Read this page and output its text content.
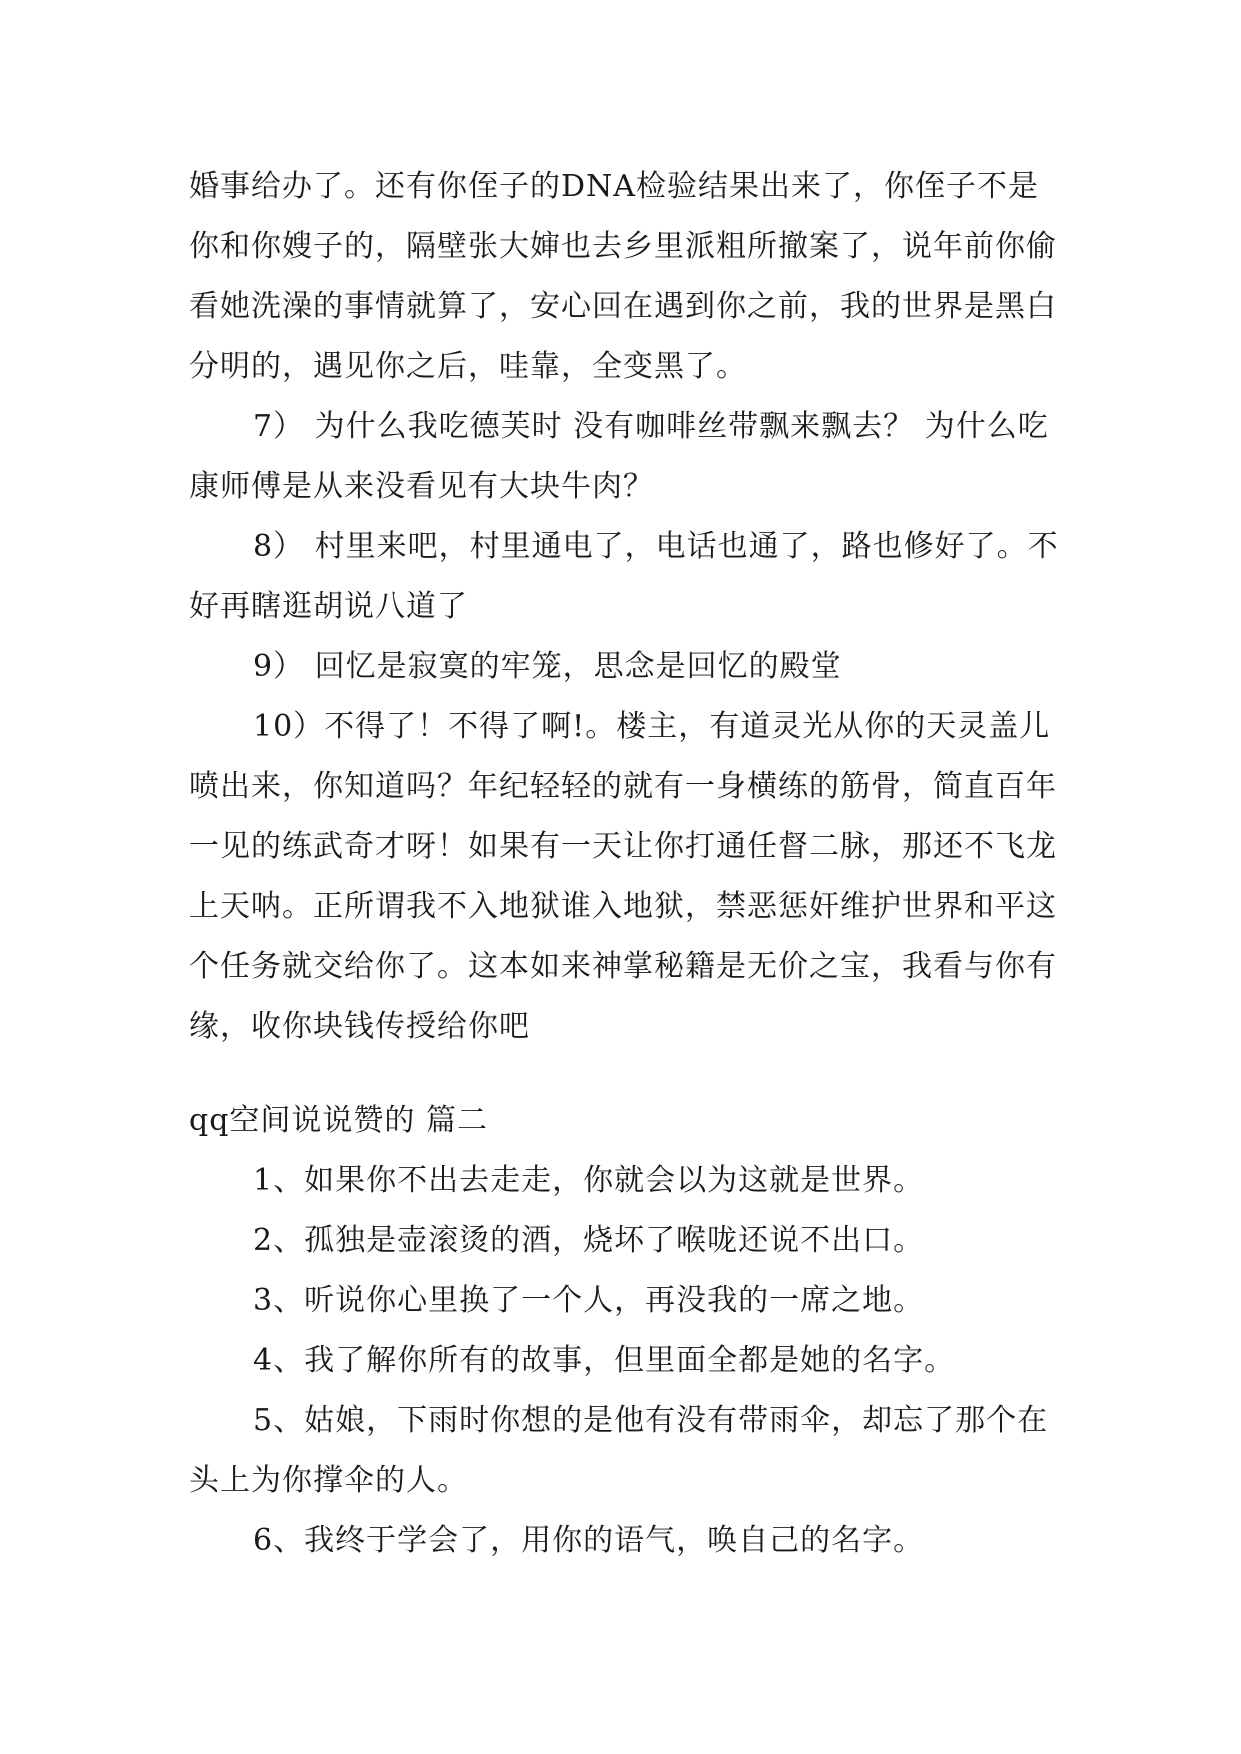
婚事给办了。还有你侄子的DNA检验结果出来了，你侄子不是你和你嫂子的，隔壁张大婶也去乡里派粗所撤案了，说年前你偷看她洗澡的事情就算了，安心回在遇到你之前，我的世界是黑白分明的，遇见你之后，哇靠，全变黑了。

7） 为什么我吃德芙时 没有咖啡丝带飘来飘去？ 为什么吃康师傅是从来没看见有大块牛肉？

8） 村里来吧，村里通电了，电话也通了，路也修好了。不好再瞎逛胡说八道了

9） 回忆是寂寞的牢笼，思念是回忆的殿堂

10）不得了！不得了啊!。楼主，有道灵光从你的天灵盖儿喷出来，你知道吗？年纪轻轻的就有一身横练的筋骨，简直百年一见的练武奇才呀！如果有一天让你打通任督二脉，那还不飞龙上天呐。正所谓我不入地狱谁入地狱，禁恶惩奸维护世界和平这个任务就交给你了。这本如来神掌秘籍是无价之宝，我看与你有缘，收你块钱传授给你吧

qq空间说说赞的 篇二

1、如果你不出去走走，你就会以为这就是世界。

2、孤独是壶滚烫的酒，烧坏了喉咙还说不出口。

3、听说你心里换了一个人，再没我的一席之地。

4、我了解你所有的故事，但里面全都是她的名字。

5、姑娘，下雨时你想的是他有没有带雨伞，却忘了那个在头上为你撑伞的人。

6、我终于学会了，用你的语气，唤自己的名字。
